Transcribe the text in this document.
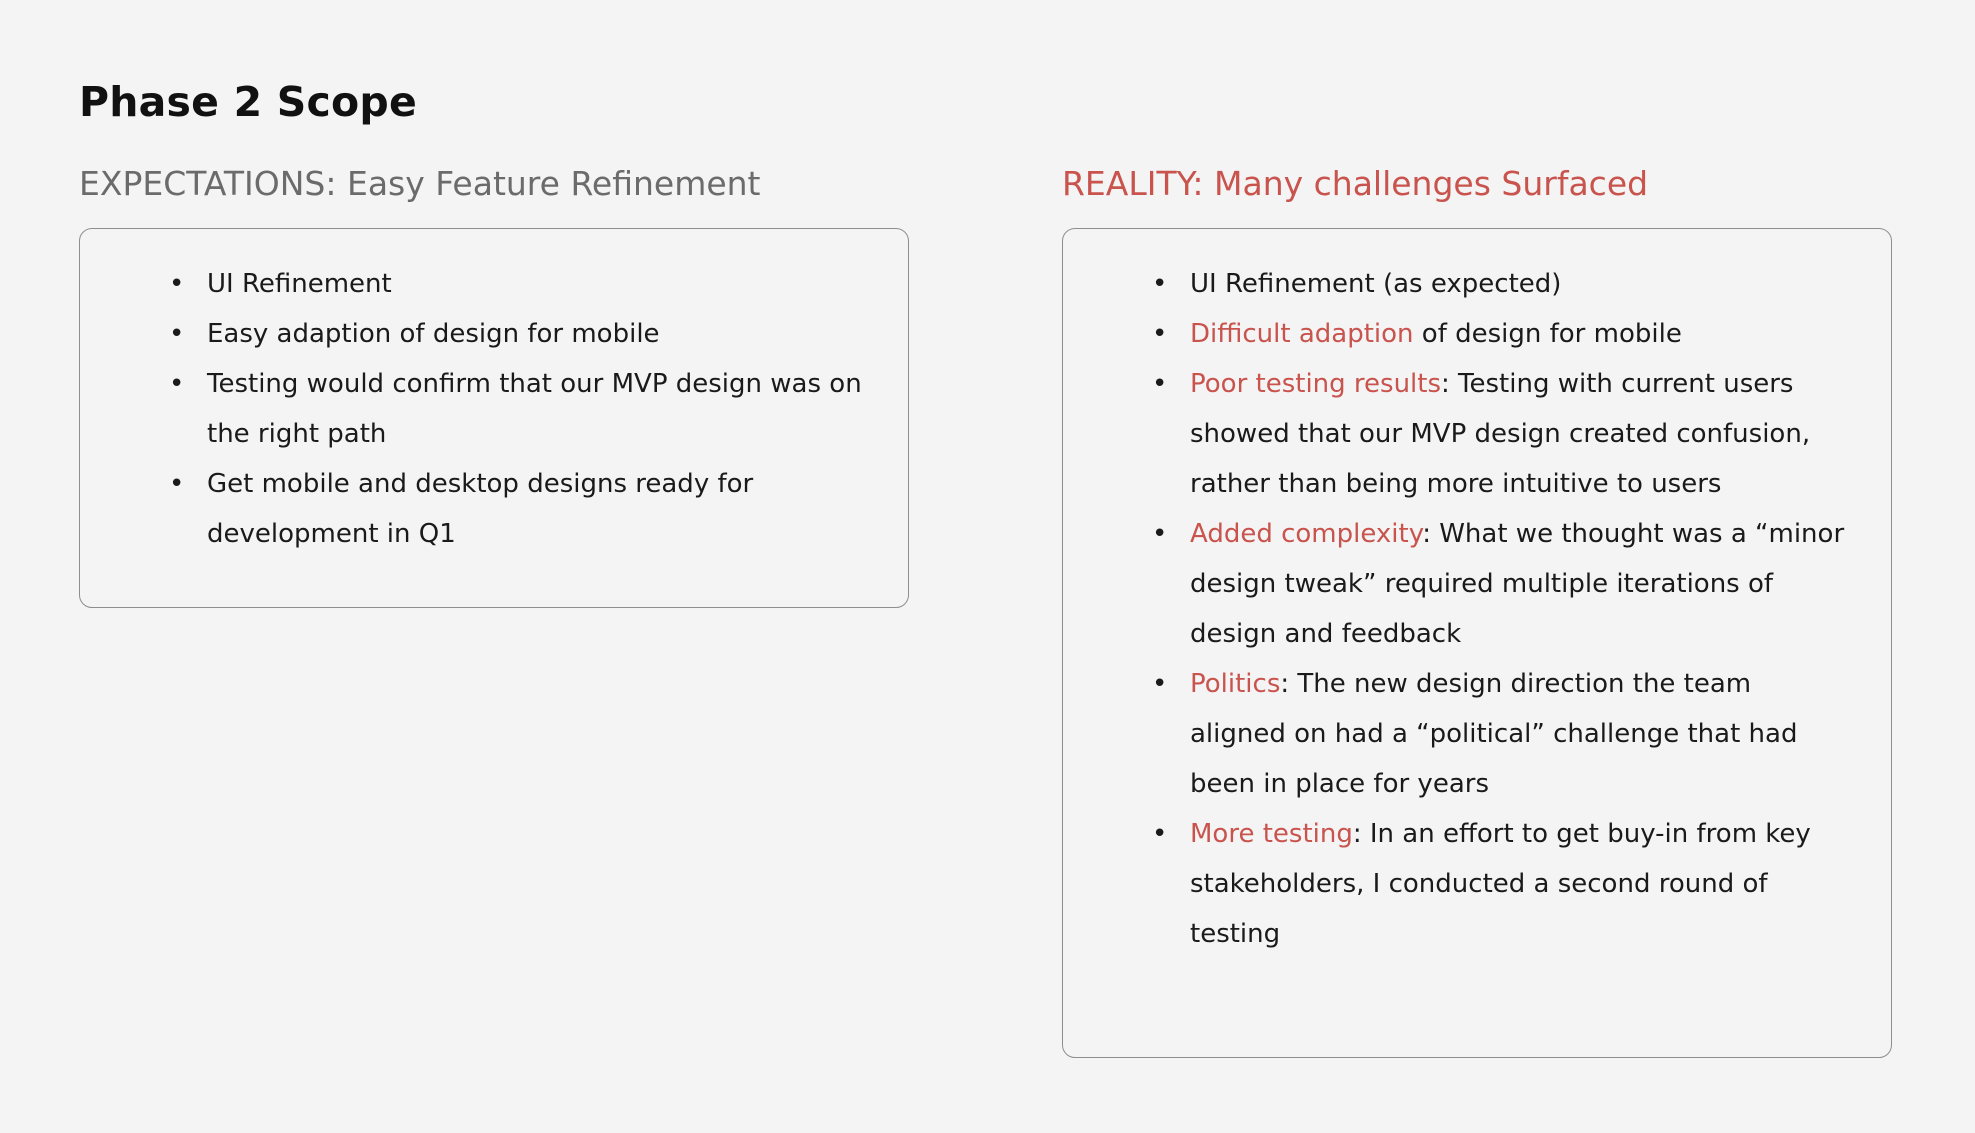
Phase 2 Scope
EXPECTATIONS: Easy Feature Refinement
• UI Refinement
• Easy adaption of design for mobile
• Testing would confirm that our MVP design was on the right path
• Get mobile and desktop designs ready for development in Q1
REALITY: Many challenges Surfaced
• UI Refinement (as expected)
• Difficult adaption of design for mobile
• Poor testing results: Testing with current users showed that our MVP design created confusion, rather than being more intuitive to users
• Added complexity: What we thought was a “minor design tweak” required multiple iterations of design and feedback
• Politics: The new design direction the team aligned on had a “political” challenge that had been in place for years
• More testing: In an effort to get buy-in from key stakeholders, I conducted a second round of testing
